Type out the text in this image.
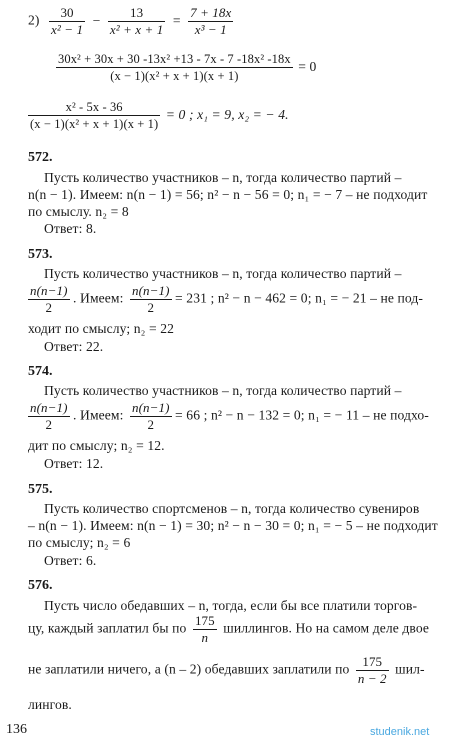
$2) \frac{30}{\text{x² − 1}} - \frac{13}{\text{x² + x + 1}} = \frac{7 + 18x}{\text{x³ − 1}}$
$\frac{\text{30x² + 30x + 30 -13x² +13 - 7x - 7 -18x² -18x}}{\text{(x − 1)(x² + x + 1)(x + 1)}} = 0$
$\frac{\text{x² - 5x - 36}}{\text{(x − 1)(x² + x + 1)(x + 1)}} = 0$ ; x₁ = 9, x₂ = − 4.
572.
Пусть количество участников – n, тогда количество партий –
n(n − 1). Имеем: n(n − 1) = 56; n² − n − 56 = 0; n₁ = − 7 – не подходит
по смыслу. n₂ = 8
Ответ: 8.
573.
Пусть количество участников – n, тогда количество партий –
$\frac{n(n-1)}{2}$ . Имеем: $\frac{n(n-1)}{2} = 231$ ; n² − n − 462 = 0; n₁ = − 21 – не под-
ходит по смыслу; n₂ = 22
Ответ: 22.
574.
Пусть количество участников – n, тогда количество партий –
$\frac{n(n-1)}{2}$ . Имеем: $\frac{n(n-1)}{2} = 66$ ; n² − n − 132 = 0; n₁ = − 11 – не подхо-
дит по смыслу; n₂ = 12.
Ответ: 12.
575.
Пусть количество спортсменов – n, тогда количество сувениров
– n(n − 1). Имеем: n(n − 1) = 30; n² − n − 30 = 0; n₁ = − 5 – не подходит
по смыслу; n₂ = 6
Ответ: 6.
576.
Пусть число обедавших – n, тогда, если бы все платили торгов-
цу, каждый заплатил бы по $\frac{175}{n}$ шиллингов. Но на самом деле двое
не заплатили ничего, а (n – 2) обедавших заплатили по $\frac{175}{n - 2} шил-$
лингов.
136	studenik.net
